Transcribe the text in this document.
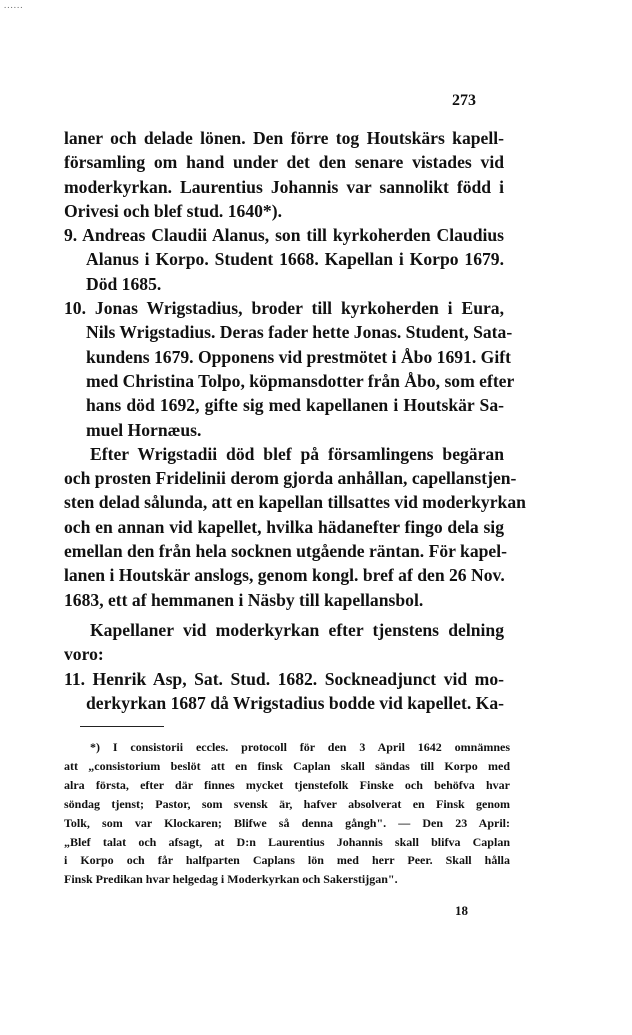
......
273
laner och delade lönen. Den förre tog Houtskärs kapell-
församling om hand under det den senare vistades vid
moderkyrkan. Laurentius Johannis var sannolikt född i
Orivesi och blef stud. 1640*).
9. Andreas Claudii Alanus, son till kyrkoherden Claudius
Alanus i Korpo. Student 1668. Kapellan i Korpo 1679.
Död 1685.
10. Jonas Wrigstadius, broder till kyrkoherden i Eura,
Nils Wrigstadius. Deras fader hette Jonas. Student, Sata-
kundens 1679. Opponens vid prestmötet i Åbo 1691. Gift
med Christina Tolpo, köpmansdotter från Åbo, som efter
hans död 1692, gifte sig med kapellanen i Houtskär Sa-
muel Hornæus.
Efter Wrigstadii död blef på församlingens begäran
och prosten Fridelinii derom gjorda anhållan, capellanstjen-
sten delad sålunda, att en kapellan tillsattes vid moderkyrkan
och en annan vid kapellet, hvilka hädanefter fingo dela sig
emellan den från hela socknen utgående räntan. För kapel-
lanen i Houtskär anslogs, genom kongl. bref af den 26 Nov.
1683, ett af hemmanen i Näsby till kapellansbol.
Kapellaner vid moderkyrkan efter tjenstens delning
voro:
11. Henrik Asp, Sat. Stud. 1682. Sockneadjunct vid mo-
derkyrkan 1687 då Wrigstadius bodde vid kapellet. Ka-
*) I consistorii eccles. protocoll för den 3 April 1642 omnämnes
att „consistorium beslöt att en finsk Caplan skall sändas till Korpo med
alra första, efter där finnes mycket tjenstefolk Finske och behöfva hvar
söndag tjenst; Pastor, som svensk är, hafver absolverat en Finsk genom
Tolk, som var Klockaren; Blifwe så denna gångh". — Den 23 April:
„Blef talat och afsagt, at D:n Laurentius Johannis skall blifva Caplan
i Korpo och får halfparten Caplans lön med herr Peer. Skall hålla
Finsk Predikan hvar helgedag i Moderkyrkan och Sakerstijgan".
18
